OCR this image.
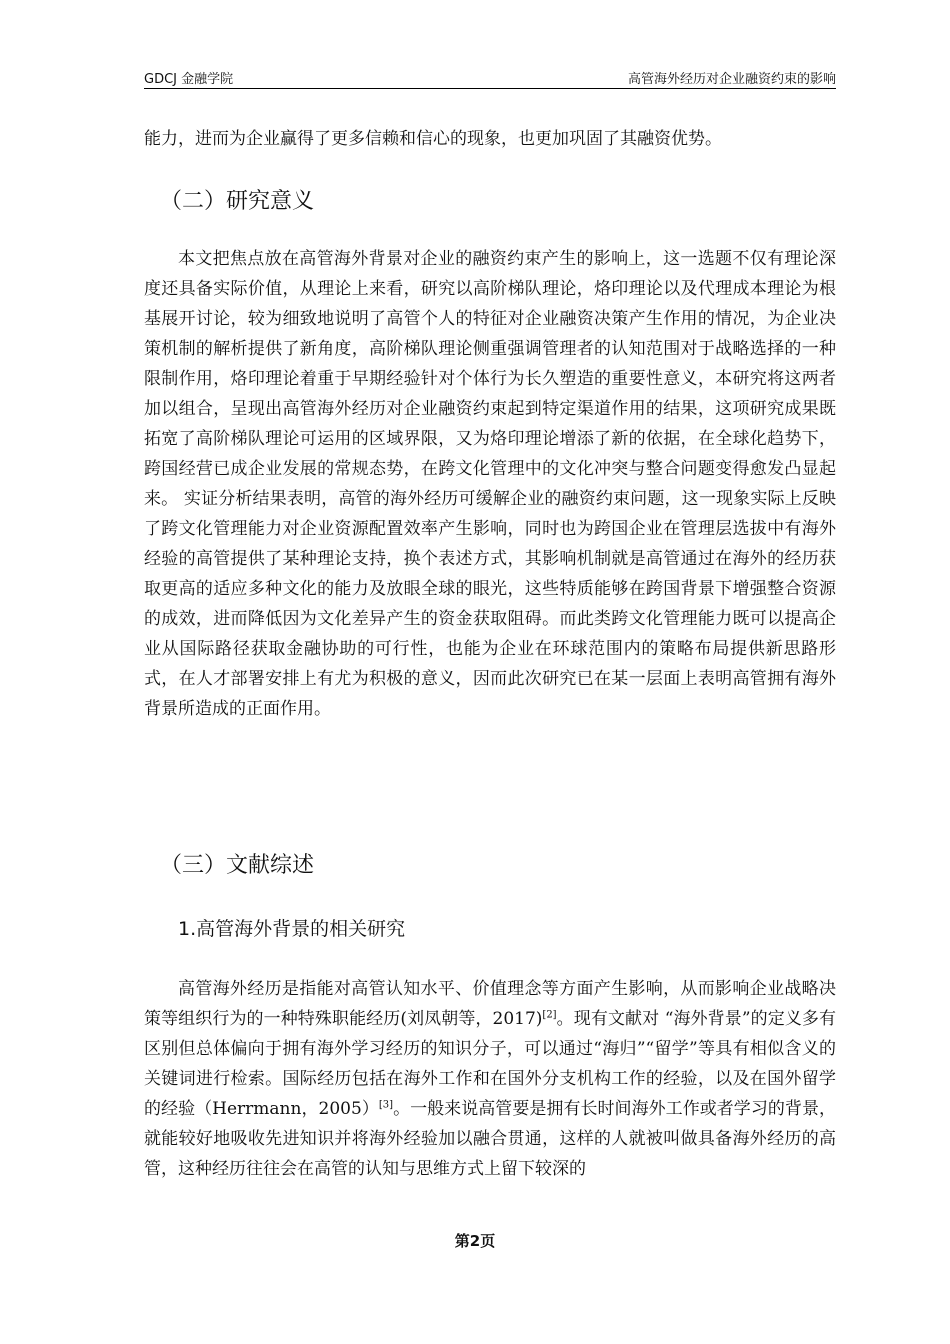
GDCJ 金融学院	高管海外经历对企业融资约束的影响

能力，进而为企业赢得了更多信赖和信心的现象，也更加巩固了其融资优势。

（二）研究意义

本文把焦点放在高管海外背景对企业的融资约束产生的影响上，这一选题不仅有理论深度还具备实际价值，从理论上来看，研究以高阶梯队理论，烙印理论以及代理成本理论为根基展开讨论，较为细致地说明了高管个人的特征对企业融资决策产生作用的情况，为企业决策机制的解析提供了新角度，高阶梯队理论侧重强调管理者的认知范围对于战略选择的一种限制作用，烙印理论着重于早期经验针对个体行为长久塑造的重要性意义，本研究将这两者加以组合，呈现出高管海外经历对企业融资约束起到特定渠道作用的结果，这项研究成果既拓宽了高阶梯队理论可运用的区域界限，又为烙印理论增添了新的依据，在全球化趋势下，跨国经营已成企业发展的常规态势，在跨文化管理中的文化冲突与整合问题变得愈发凸显起来。 实证分析结果表明，高管的海外经历可缓解企业的融资约束问题，这一现象实际上反映了跨文化管理能力对企业资源配置效率产生影响，同时也为跨国企业在管理层选拔中有海外经验的高管提供了某种理论支持，换个表述方式，其影响机制就是高管通过在海外的经历获取更高的适应多种文化的能力及放眼全球的眼光，这些特质能够在跨国背景下增强整合资源的成效，进而降低因为文化差异产生的资金获取阻碍。而此类跨文化管理能力既可以提高企业从国际路径获取金融协助的可行性，也能为企业在环球范围内的策略布局提供新思路形式，在人才部署安排上有尤为积极的意义，因而此次研究已在某一层面上表明高管拥有海外背景所造成的正面作用。

（三）文献综述
1.高管海外背景的相关研究

高管海外经历是指能对高管认知水平、价值理念等方面产生影响，从而影响企业战略决策等组织行为的一种特殊职能经历(刘凤朝等，2017)[2]。现有文献对 “海外背景”的定义多有区别但总体偏向于拥有海外学习经历的知识分子，可以通过“海归”“留学”等具有相似含义的关键词进行检索。国际经历包括在海外工作和在国外分支机构工作的经验，以及在国外留学的经验（Herrmann，2005）[3]。一般来说高管要是拥有长时间海外工作或者学习的背景，就能较好地吸收先进知识并将海外经验加以融合贯通，这样的人就被叫做具备海外经历的高管，这种经历往往会在高管的认知与思维方式上留下较深的

第2页
